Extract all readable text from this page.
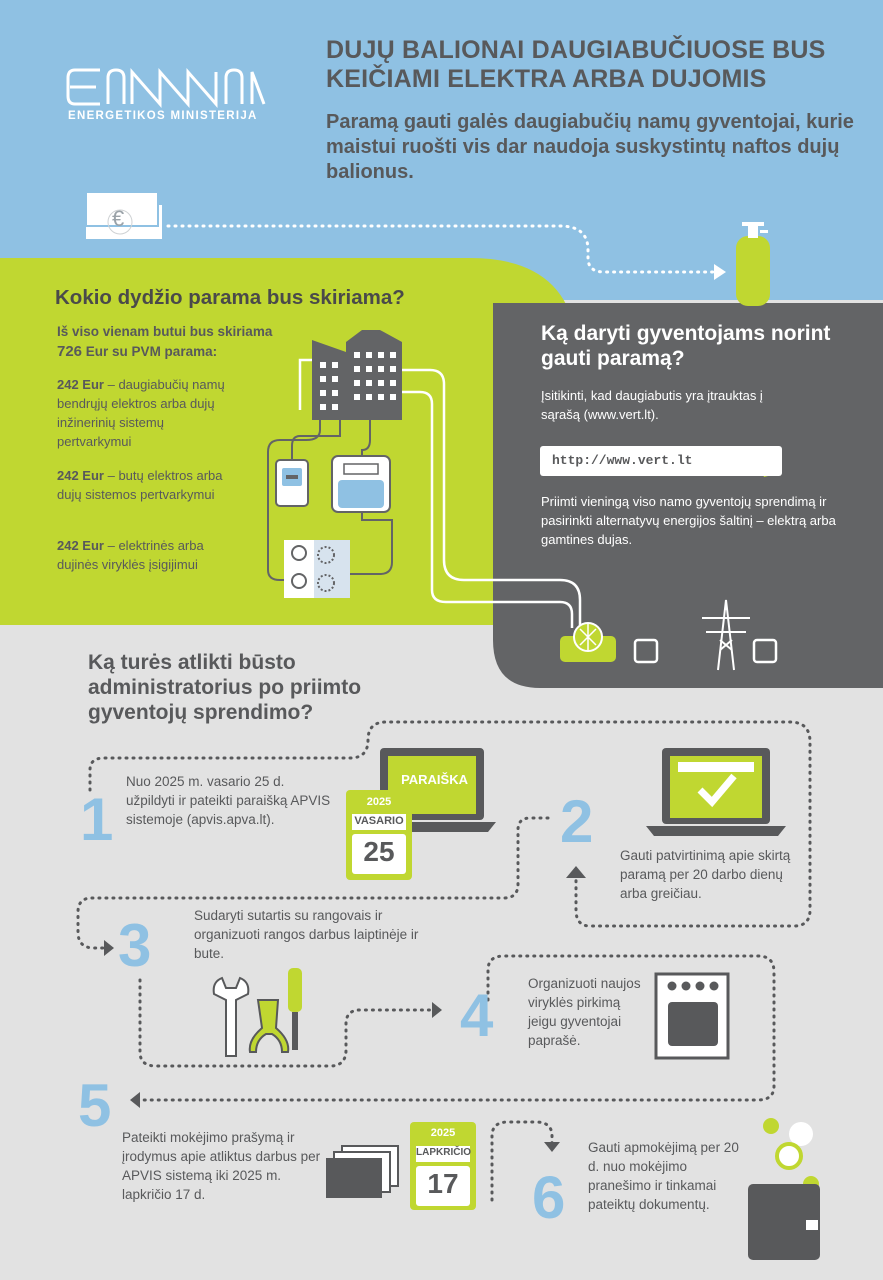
DUJŲ BALIONAI DAUGIABUČIUOSE BUS KEIČIAMI ELEKTRA ARBA DUJOMIS
Paramą gauti galės daugiabučių namų gyventojai, kurie maistui ruošti vis dar naudoja suskystintų naftos dujų balionus.
ENERGETIKOS MINISTERIJA
€
Kokio dydžio parama bus skiriama?
Iš viso vienam butui bus skiriama
726 Eur su PVM parama:
242 Eur – daugiabučių namų bendrųjų elektros arba dujų inžinerinių sistemų pertvarkymui
242 Eur – butų elektros arba dujų sistemos pertvarkymui
242 Eur – elektrinės arba dujinės viryklės įsigijimui
Ką daryti gyventojams norint gauti paramą?
Įsitikinti, kad daugiabutis yra įtrauktas į sąrašą (www.vert.lt).
http://www.vert.lt
Priimti vieningą viso namo gyventojų sprendimą ir pasirinkti alternatyvų energijos šaltinį – elektrą arba gamtines dujas.
Ką turės atlikti būsto administratorius po priimto gyventojų sprendimo?
1
Nuo 2025 m. vasario 25 d. užpildyti ir pateikti paraišką APVIS sistemoje (apvis.apva.lt).
PARAIŠKA
2025
VASARIO
25	2
Gauti patvirtinimą apie skirtą paramą per 20 darbo dienų arba greičiau.
3	Sudaryti sutartis su rangovais ir organizuoti rangos darbus laiptinėje ir bute.
4	Organizuoti naujos viryklės pirkimą jeigu gyventojai paprašė.
5 Pateikti mokėjimo prašymą ir įrodymus apie atliktus darbus per APVIS sistemą iki 2025 m. lapkričio 17 d.
2025
LAPKRIČIO
17 6
Gauti apmokėjimą per 20 d. nuo mokėjimo pranešimo ir tinkamai pateiktų dokumentų.
